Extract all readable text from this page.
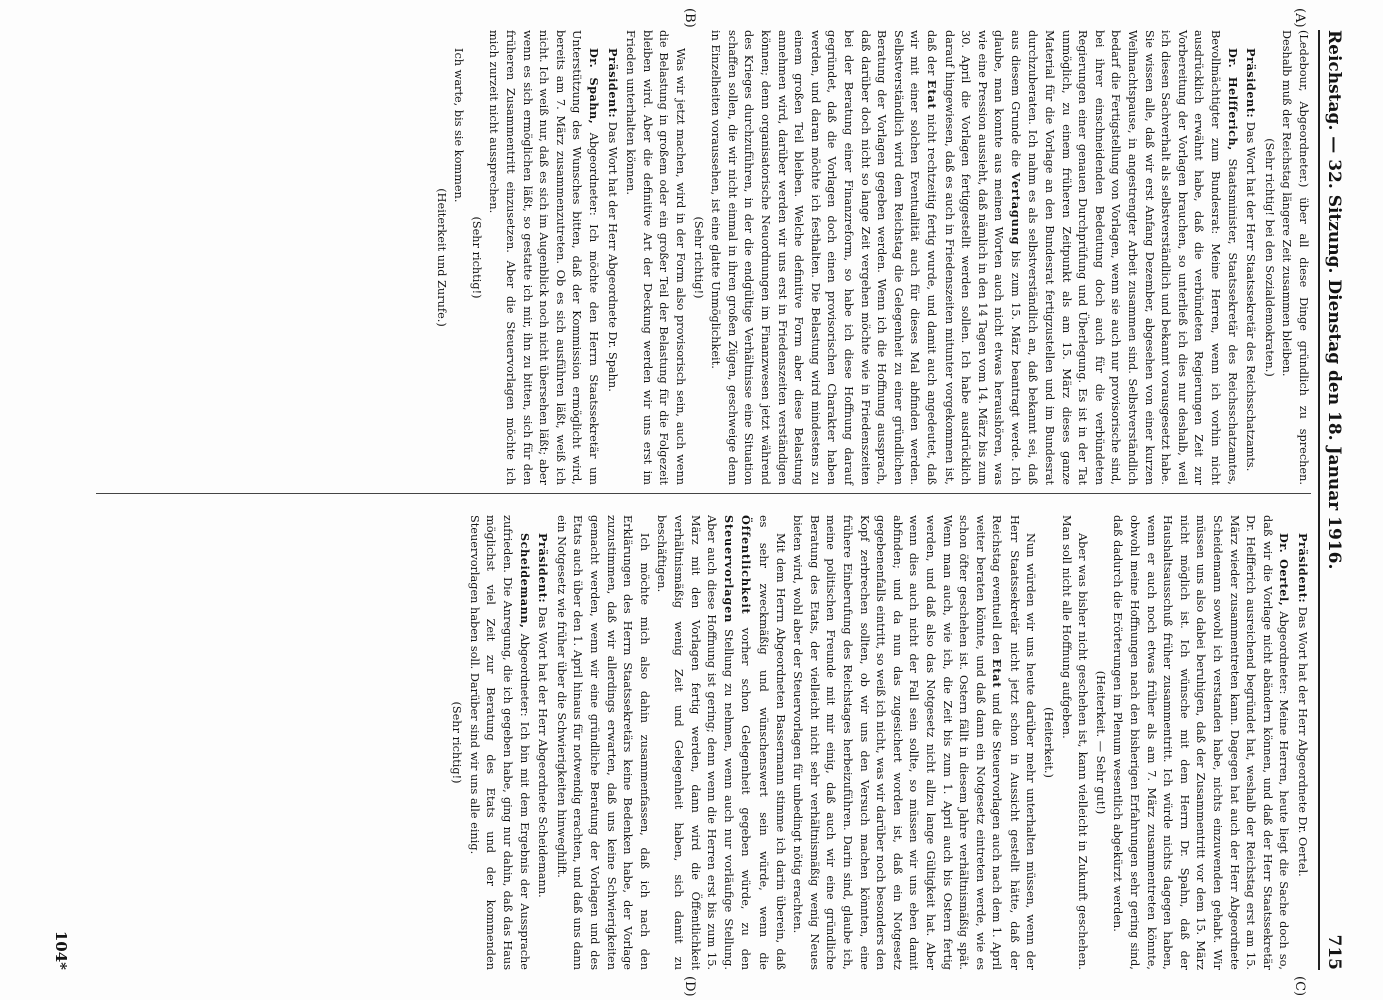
Reichstag. — 32. Sitzung. Dienstag den 18. Januar 1916.
715
(A)
(B)
(C)
(D)

(Ledebour, Abgeordneter.) über all diese Dinge gründlich zu sprechen. Deshalb muß der Reichstag längere Zeit zusammen bleiben.

(Sehr richtig! bei den Sozialdemokraten.)

Präsident: Das Wort hat der Herr Staatssekretär des Reichsschatzamts.

Dr. Helfferich, Staatsminister, Staatssekretär des Reichsschatzamtes, Bevollmächtigter zum Bundesrat: Meine Herren, wenn ich vorhin nicht ausdrücklich erwähnt habe, daß die verbündeten Regierungen Zeit zur Vorbereitung der Vorlagen brauchen, so unterließ ich dies nur deshalb, weil ich diesen Sachverhalt als selbstverständlich und bekannt vorausgesetzt habe. Sie wissen alle, daß wir erst Anfang Dezember, abgesehen von einer kurzen Weihnachtspause, in angestrengter Arbeit zusammen sind. Selbstverständlich bedarf die Fertigstellung von Vorlagen, wenn sie auch nur provisorische sind, bei ihrer einschneidenden Bedeutung doch auch für die verbündeten Regierungen einer genauen Durchprüfung und Überlegung. Es ist in der Tat unmöglich, zu einem früheren Zeitpunkt als am 15. März dieses ganze Material für die Vorlage an den Bundesrat fertigzustellen und im Bundesrat durchzuberaten. Ich nahm es als selbstverständlich an, daß bekannt sei, daß aus diesem Grunde die Vertagung bis zum 15. März beantragt werde. Ich glaube, man konnte aus meinen Worten auch nicht etwas heraushören, was wie eine Pression aussieht, daß nämlich in den 14 Tagen vom 14. März bis zum 30. April die Vorlagen fertiggestellt werden sollen. Ich habe ausdrücklich darauf hingewiesen, daß es auch in Friedenszeiten mitunter vorgekommen ist, daß der Etat nicht rechtzeitig fertig wurde, und damit auch angedeutet, daß wir mit einer solchen Eventualität auch für dieses Mal abfinden werden. Selbstverständlich wird dem Reichstag die Gelegenheit zu einer gründlichen Beratung der Vorlagen gegeben werden. Wenn ich die Hoffnung aussprach, daß darüber doch nicht so lange Zeit vergehen möchte wie in Friedenszeiten bei der Beratung einer Finanzreform, so habe ich diese Hoffnung darauf gegründet, daß die Vorlagen doch einen provisorischen Charakter haben werden, und daran möchte ich festhalten. Die Belastung wird mindestens zu einem großen Teil bleiben. Welche definitive Form aber diese Belastung annehmen wird, darüber werden wir uns erst in Friedenszeiten verständigen können; denn organisatorische Neuordnungen im Finanzwesen jetzt während des Krieges durchzuführen, in der die endgültige Verhältnisse eine Situation schaffen sollen, die wir nicht einmal in ihren großen Zügen, geschweige denn in Einzelheiten voraussehen, ist eine glatte Unmöglichkeit.

(Sehr richtig!)

Was wir jetzt machen, wird in der Form also provisorisch sein, auch wenn die Belastung in großem oder ein großer Teil der Belastung für die Folgezeit bleiben wird. Aber die definitive Art der Deckung werden wir uns erst im Frieden unterhalten können.

Präsident: Das Wort hat der Herr Abgeordnete Dr. Spahn.

Dr. Spahn, Abgeordneter: Ich möchte den Herrn Staatssekretär um Unterstützung des Wunsches bitten, daß der Kommission ermöglicht wird, bereits am 7. März zusammenzutreten. Ob es sich ausführen läßt, weiß ich nicht. Ich weiß nur, daß es sich im Augenblick noch nicht übersehen läßt; aber wenn es sich ermöglichen läßt, so gestatte ich mir, ihn zu bitten, sich für den früheren Zusammentritt einzusetzen. Aber die Steuervorlagen möchte ich mich zurzeit nicht aussprechen.

(Sehr richtig!)

Ich warte, bis sie kommen.

(Heiterkeit und Zurufe.)

Präsident: Das Wort hat der Herr Abgeordnete Dr. Oertel.

Dr. Oertel, Abgeordneter: Meine Herren, heute liegt die Sache doch so, daß wir die Vorlage nicht abändern können, und daß der Herr Staatssekretär Dr. Helfferich ausreichend begründet hat, weshalb der Reichstag erst am 15. März wieder zusammentreten kann. Dagegen hat auch der Herr Abgeordnete Scheidemann sowohl ich verstanden habe, nichts einzuwenden gehabt. Wir müssen uns also dabei beruhigen, daß der Zusammentritt vor dem 15. März nicht möglich ist. Ich wünsche mit dem Herrn Dr. Spahn, daß der Haushaltsausschuß früher zusammentritt. Ich würde nichts dagegen haben, wenn er auch noch etwas früher als am 7. März zusammentreten könnte, obwohl meine Hoffnungen nach den bisherigen Erfahrungen sehr gering sind, daß dadurch die Erörterungen im Plenum wesentlich abgekürzt werden.

(Heiterkeit. — Sehr gut!)

Aber was bisher nicht geschehen ist, kann vielleicht in Zukunft geschehen. Man soll nicht alle Hoffnung aufgeben.

(Heiterkeit.)

Nun würden wir uns heute darüber mehr unterhalten müssen, wenn der Herr Staatssekretär nicht jetzt schon in Aussicht gestellt hätte, daß der Reichstag eventuell den Etat und die Steuervorlagen auch nach dem 1. April weiter beraten könnte, und daß dann ein Notgesetz eintreten werde, wie es schon öfter geschehen ist. Ostern fällt in diesem Jahre verhältnismäßig spät. Wenn man auch, wie ich, die Zeit bis zum 1. April auch bis Ostern fertig werden, und daß also das Notgesetz nicht allzu lange Gültigkeit hat. Aber wenn dies auch nicht der Fall sein sollte, so müssen wir uns eben damit abfinden; und da nun das zugesichert worden ist, daß ein Notgesetz gegebenenfalls eintritt, so weiß ich nicht, was wir darüber noch besonders den Kopf zerbrechen sollten, ob wir uns den Versuch machen könnten, eine frühere Einberufung des Reichstages herbeizuführen. Darin sind, glaube ich, meine politischen Freunde mit mir einig, daß auch wir eine gründliche Beratung des Etats, der vielleicht nicht sehr verhältnismäßig wenig Neues bieten wird, wohl aber der Steuervorlagen für unbedingt nötig erachten.

Mit dem Herrn Abgeordneten Bassermann stimme ich darin überein, daß es sehr zweckmäßig und wünschenswert sein würde, wenn die Öffentlichkeit vorher schon Gelegenheit gegeben würde, zu den Steuervorlagen Stellung zu nehmen, wenn auch nur vorläufige Stellung. Aber auch diese Hoffnung ist gering; denn wenn die Herren erst bis zum 15. März mit den Vorlagen fertig werden, dann wird die Öffentlichkeit verhältnismäßig wenig Zeit und Gelegenheit haben, sich damit zu beschäftigen.

Ich möchte mich also dahin zusammenfassen, daß ich nach den Erklärungen des Herrn Staatssekretärs keine Bedenken habe, der Vorlage zuzustimmen, daß wir allerdings erwarten, daß uns keine Schwierigkeiten gemacht werden, wenn wir eine gründliche Beratung der Vorlagen und des Etats auch über den 1. April hinaus für notwendig erachten, und daß uns dann ein Notgesetz wie früher über die Schwierigkeiten hinweghilft.

Präsident: Das Wort hat der Herr Abgeordnete Scheidemann.

Scheidemann, Abgeordneter: Ich bin mit dem Ergebnis der Aussprache zufrieden. Die Anregung, die ich gegeben habe, ging nur dahin, daß das Haus möglichst viel Zeit zur Beratung des Etats und der kommenden Steuervorlagen haben soll. Darüber sind wir uns alle einig.

(Sehr richtig!)

104*
